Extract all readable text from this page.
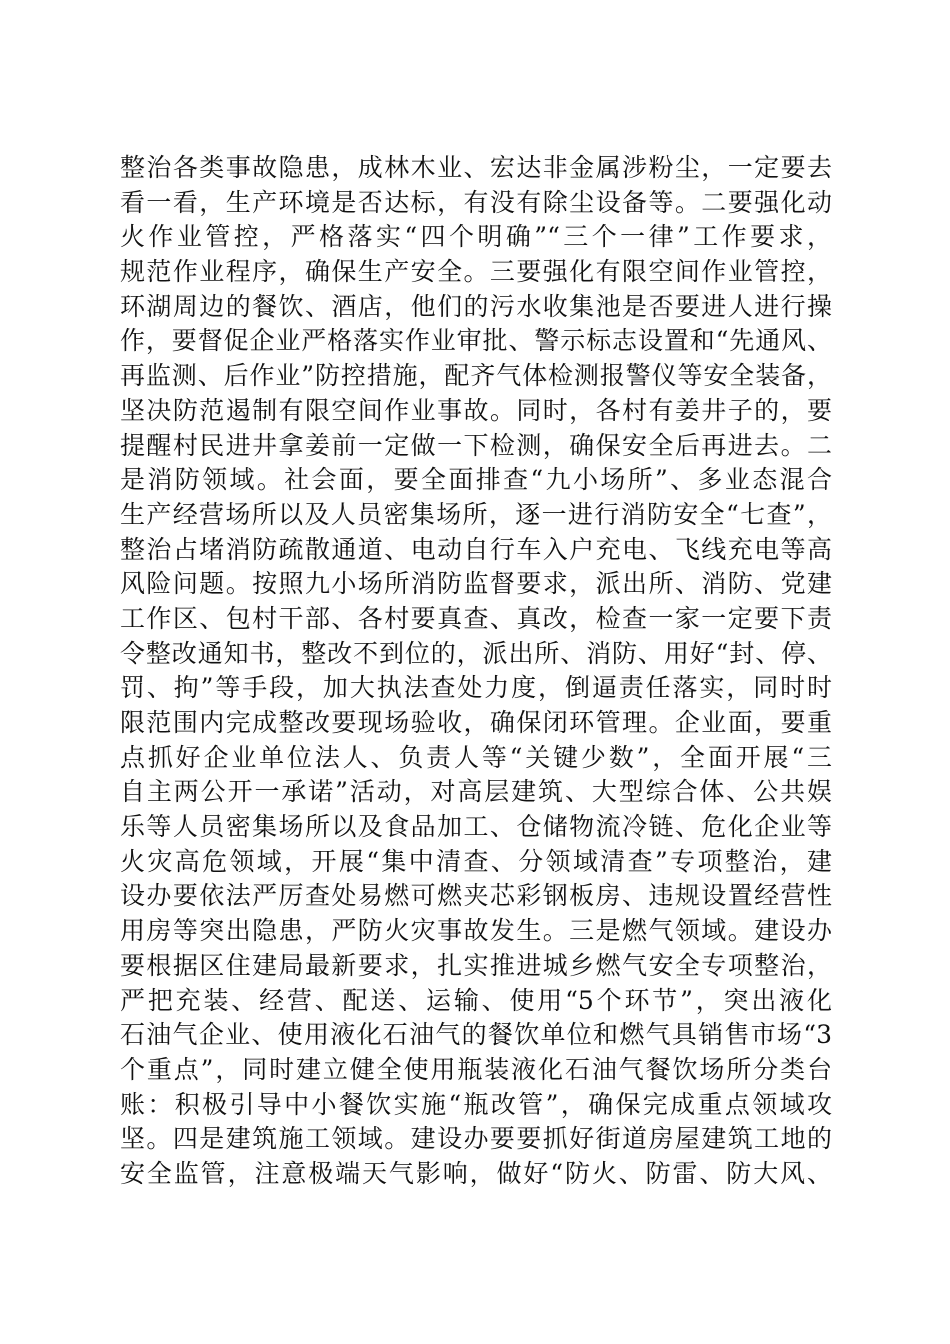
整治各类事故隐患，成林木业、宏达非金属涉粉尘，一定要去
看一看，生产环境是否达标，有没有除尘设备等。二要强化动
火作业管控，严格落实“四个明确”“三个一律”工作要求，
规范作业程序，确保生产安全。三要强化有限空间作业管控，
环湖周边的餐饮、酒店，他们的污水收集池是否要进人进行操
作，要督促企业严格落实作业审批、警示标志设置和“先通风、
再监测、后作业”防控措施，配齐气体检测报警仪等安全装备，
坚决防范遏制有限空间作业事故。同时，各村有姜井子的，要
提醒村民进井拿姜前一定做一下检测，确保安全后再进去。二
是消防领域。社会面，要全面排查“九小场所”、多业态混合
生产经营场所以及人员密集场所，逐一进行消防安全“七查”，
整治占堵消防疏散通道、电动自行车入户充电、飞线充电等高
风险问题。按照九小场所消防监督要求，派出所、消防、党建
工作区、包村干部、各村要真查、真改，检查一家一定要下责
令整改通知书，整改不到位的，派出所、消防、用好“封、停、
罚、拘”等手段，加大执法查处力度，倒逼责任落实，同时时
限范围内完成整改要现场验收，确保闭环管理。企业面，要重
点抓好企业单位法人、负责人等“关键少数”，全面开展“三
自主两公开一承诺”活动，对高层建筑、大型综合体、公共娱
乐等人员密集场所以及食品加工、仓储物流冷链、危化企业等
火灾高危领域，开展“集中清查、分领域清查”专项整治，建
设办要依法严厉查处易燃可燃夹芯彩钢板房、违规设置经营性
用房等突出隐患，严防火灾事故发生。三是燃气领域。建设办
要根据区住建局最新要求，扎实推进城乡燃气安全专项整治，
严把充装、经营、配送、运输、使用“5个环节”，突出液化
石油气企业、使用液化石油气的餐饮单位和燃气具销售市场“3
个重点”，同时建立健全使用瓶装液化石油气餐饮场所分类台
账：积极引导中小餐饮实施“瓶改管”，确保完成重点领域攻
坚。四是建筑施工领域。建设办要要抓好街道房屋建筑工地的
安全监管，注意极端天气影响，做好“防火、防雷、防大风、
